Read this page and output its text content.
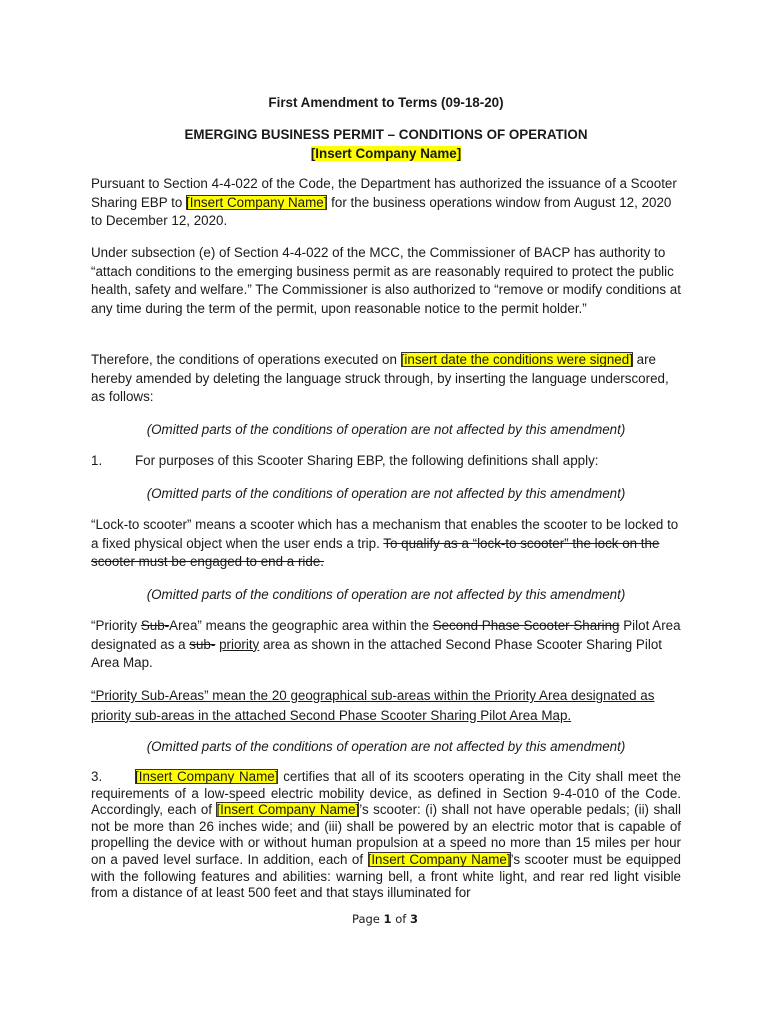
First Amendment to Terms (09-18-20)

EMERGING BUSINESS PERMIT – CONDITIONS OF OPERATION
[Insert Company Name]

Pursuant to Section 4-4-022 of the Code, the Department has authorized the issuance of a Scooter Sharing EBP to [Insert Company Name] for the business operations window from August 12, 2020 to December 12, 2020.

Under subsection (e) of Section 4-4-022 of the MCC, the Commissioner of BACP has authority to “attach conditions to the emerging business permit as are reasonably required to protect the public health, safety and welfare.” The Commissioner is also authorized to “remove or modify conditions at any time during the term of the permit, upon reasonable notice to the permit holder.”

Therefore, the conditions of operations executed on [insert date the conditions were signed] are hereby amended by deleting the language struck through, by inserting the language underscored, as follows:

(Omitted parts of the conditions of operation are not affected by this amendment)

1. For purposes of this Scooter Sharing EBP, the following definitions shall apply:

(Omitted parts of the conditions of operation are not affected by this amendment)

“Lock-to scooter” means a scooter which has a mechanism that enables the scooter to be locked to a fixed physical object when the user ends a trip. To qualify as a “lock-to scooter” the lock on the scooter must be engaged to end a ride.

(Omitted parts of the conditions of operation are not affected by this amendment)

“Priority Sub-Area” means the geographic area within the Second Phase Scooter Sharing Pilot Area designated as a sub- priority area as shown in the attached Second Phase Scooter Sharing Pilot Area Map.

“Priority Sub-Areas” mean the 20 geographical sub-areas within the Priority Area designated as priority sub-areas in the attached Second Phase Scooter Sharing Pilot Area Map.

(Omitted parts of the conditions of operation are not affected by this amendment)

3. [Insert Company Name] certifies that all of its scooters operating in the City shall meet the requirements of a low-speed electric mobility device, as defined in Section 9-4-010 of the Code. Accordingly, each of [Insert Company Name]’s scooter: (i) shall not have operable pedals; (ii) shall not be more than 26 inches wide; and (iii) shall be powered by an electric motor that is capable of propelling the device with or without human propulsion at a speed no more than 15 miles per hour on a paved level surface. In addition, each of [Insert Company Name]’s scooter must be equipped with the following features and abilities: warning bell, a front white light, and rear red light visible from a distance of at least 500 feet and that stays illuminated for

Page 1 of 3
